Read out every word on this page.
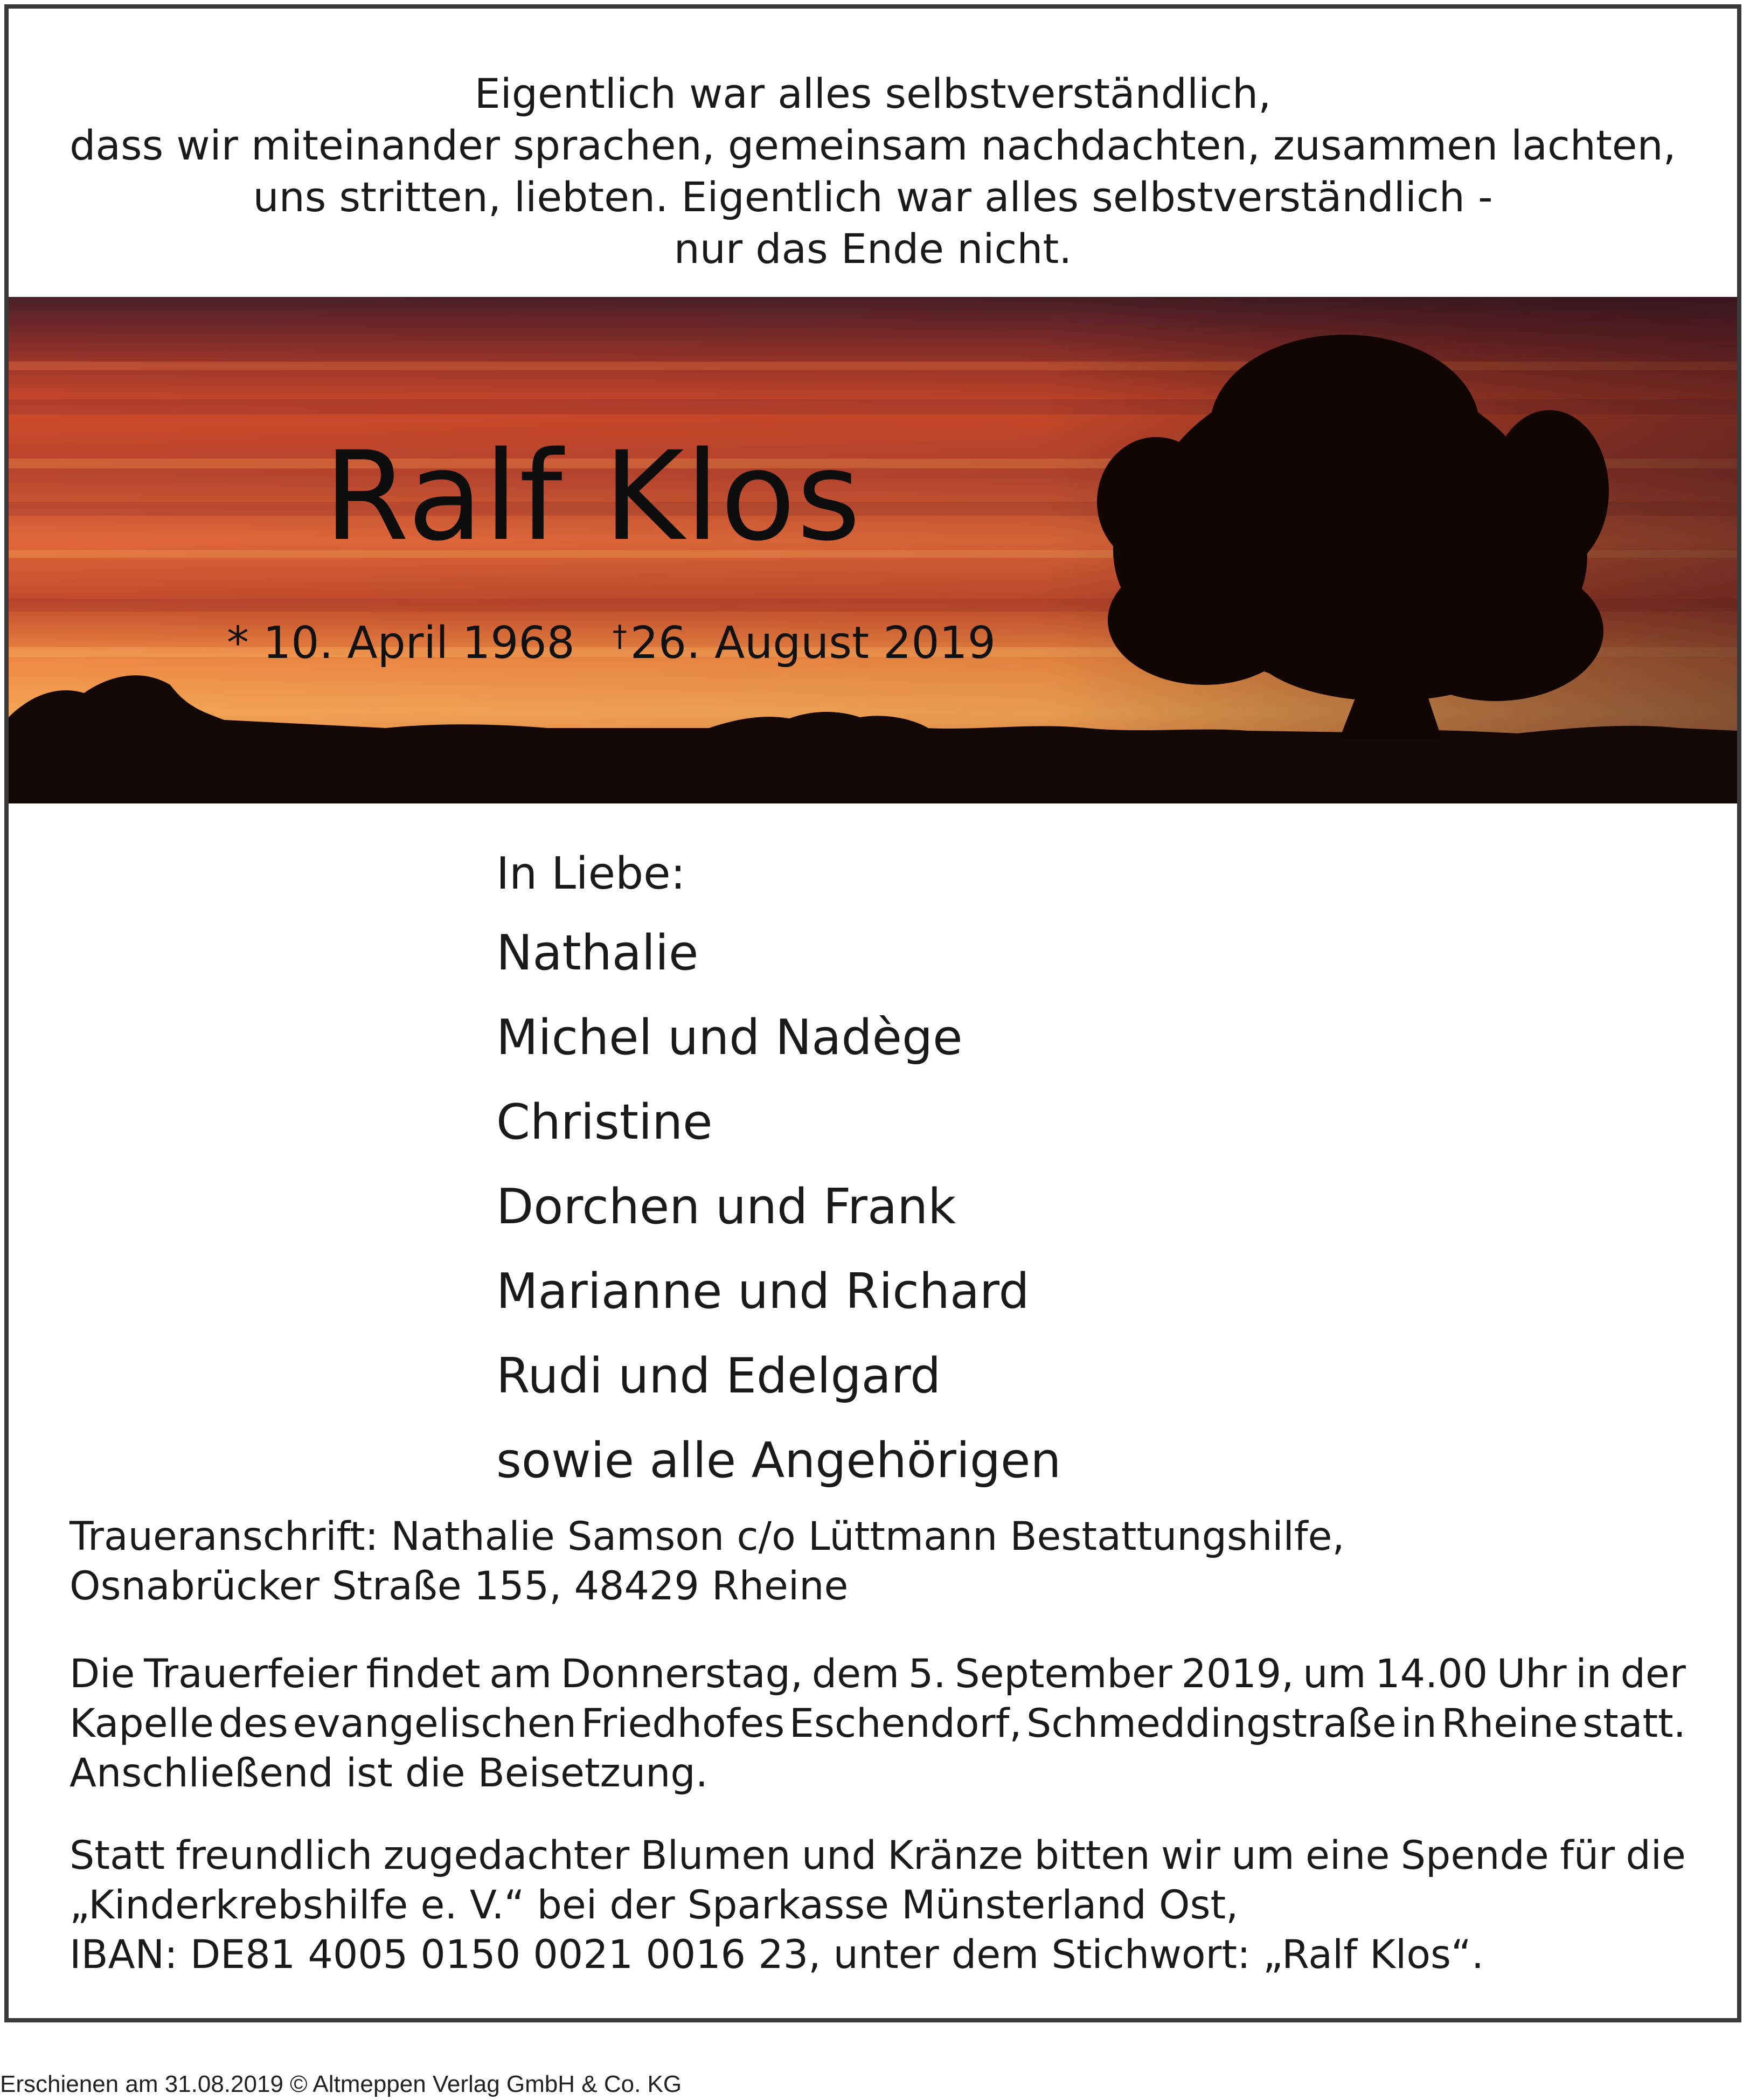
Eigentlich war alles selbstverständlich,
dass wir miteinander sprachen, gemeinsam nachdachten, zusammen lachten,
uns stritten, liebten. Eigentlich war alles selbstverständlich -
nur das Ende nicht.
Ralf Klos
* 10. April 1968 †26. August 2019
In Liebe:
Nathalie
Michel und Nadège
Christine
Dorchen und Frank
Marianne und Richard
Rudi und Edelgard
sowie alle Angehörigen
Traueranschrift: Nathalie Samson c/o Lüttmann Bestattungshilfe,
Osnabrücker Straße 155, 48429 Rheine
Die Trauerfeier findet am Donnerstag, dem 5. September 2019, um 14.00 Uhr in der
Kapelle des evangelischen Friedhofes Eschendorf, Schmeddingstraße in Rheine statt.
Anschließend ist die Beisetzung.
Statt freundlich zugedachter Blumen und Kränze bitten wir um eine Spende für die
„Kinderkrebshilfe e. V.“ bei der Sparkasse Münsterland Ost,
IBAN: DE81 4005 0150 0021 0016 23, unter dem Stichwort: „Ralf Klos“.
Erschienen am 31.08.2019 © Altmeppen Verlag GmbH & Co. KG
